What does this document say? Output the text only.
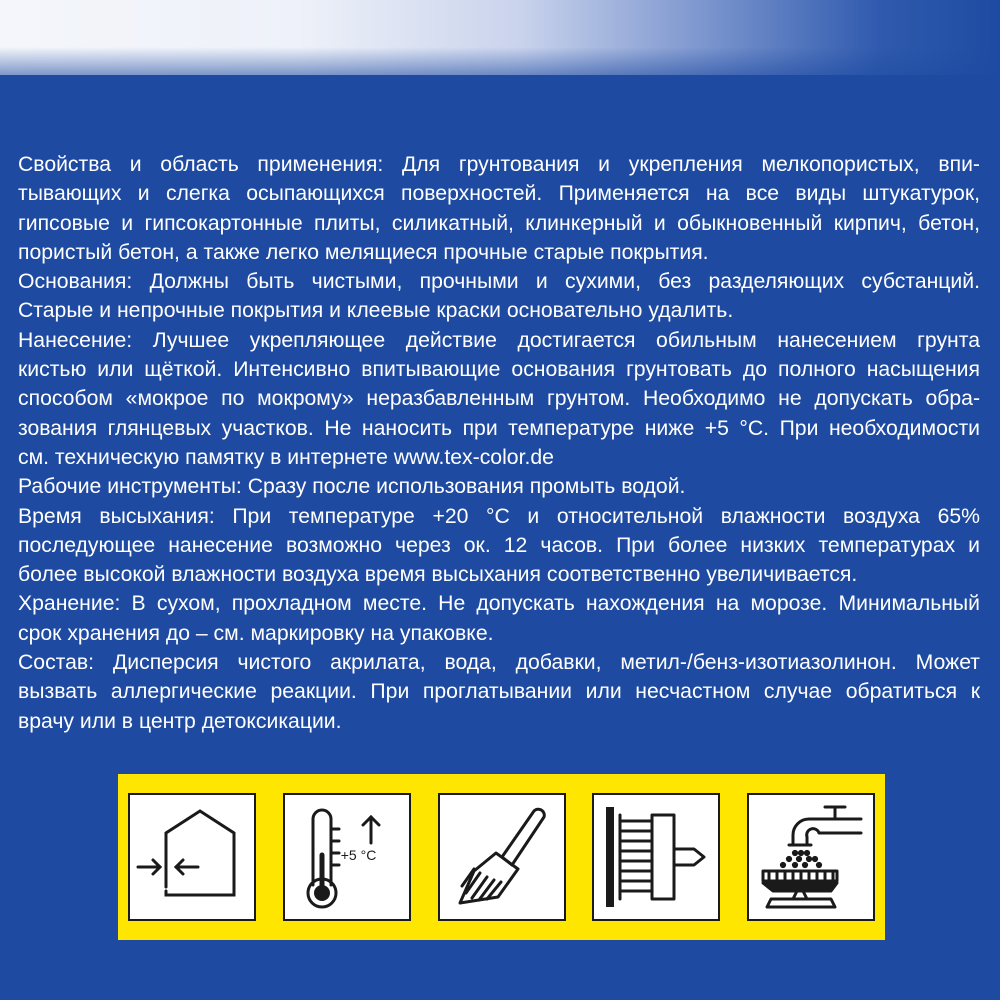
Свойства и область применения: Для грунтования и укрепления мелкопористых, впи-
тывающих и слегка осыпающихся поверхностей. Применяется на все виды штукатурок,
гипсовые и гипсокартонные плиты, силикатный, клинкерный и обыкновенный кирпич, бетон,
пористый бетон, а также легко мелящиеся прочные старые покрытия.
Основания: Должны быть чистыми, прочными и сухими, без разделяющих субстанций.
Старые и непрочные покрытия и клеевые краски основательно удалить.
Нанесение: Лучшее укрепляющее действие достигается обильным нанесением грунта
кистью или щёткой. Интенсивно впитывающие основания грунтовать до полного насыщения
способом «мокрое по мокрому» неразбавленным грунтом. Необходимо не допускать обра-
зования глянцевых участков. Не наносить при температуре ниже +5 °С. При необходимости
см. техническую памятку в интернете www.tex-color.de
Рабочие инструменты: Сразу после использования промыть водой.
Время высыхания: При температуре +20 °С и относительной влажности воздуха 65%
последующее нанесение возможно через ок. 12 часов. При более низких температурах и
более высокой влажности воздуха время высыхания соответственно увеличивается.
Хранение: В сухом, прохладном месте. Не допускать нахождения на морозе. Минимальный
срок хранения до – см. маркировку на упаковке.
Состав: Дисперсия чистого акрилата, вода, добавки, метил-/бенз-изотиазолинон. Может
вызвать аллергические реакции. При проглатывании или несчастном случае обратиться к
врачу или в центр детоксикации.
+5 °C
